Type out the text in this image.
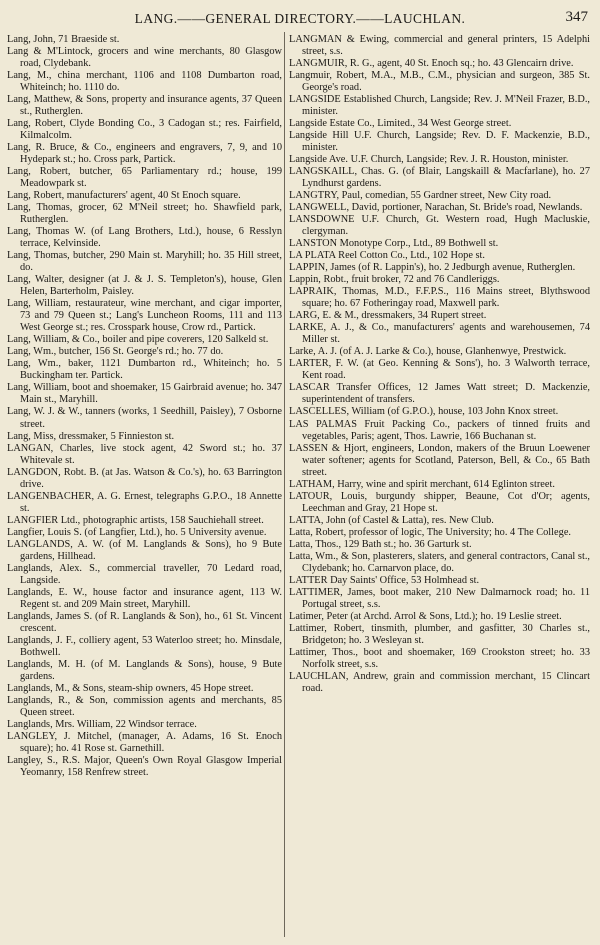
LANG.——GENERAL DIRECTORY.——LAUCHLAN.	347

Lang, John, 71 Braeside st.

Lang & M'Lintock, grocers and wine merchants, 80 Glasgow road, Clydebank.

Lang, M., china merchant, 1106 and 1108 Dumbarton road, Whiteinch; ho. 1110 do.

Lang, Matthew, & Sons, property and insurance agents, 37 Queen st., Rutherglen.

Lang, Robert, Clyde Bonding Co., 3 Cadogan st.; res. Fairfield, Kilmalcolm.

Lang, R. Bruce, & Co., engineers and engravers, 7, 9, and 10 Hydepark st.; ho. Cross park, Partick.

Lang, Robert, butcher, 65 Parliamentary rd.; house, 199 Meadowpark st.

Lang, Robert, manufacturers' agent, 40 St Enoch square.

Lang, Thomas, grocer, 62 M'Neil street; ho. Shawfield park, Rutherglen.

Lang, Thomas W. (of Lang Brothers, Ltd.), house, 6 Resslyn terrace, Kelvinside.

Lang, Thomas, butcher, 290 Main st. Maryhill; ho. 35 Hill street, do.

Lang, Walter, designer (at J. & J. S. Templeton's), house, Glen Helen, Barterholm, Paisley.

Lang, William, restaurateur, wine merchant, and cigar importer, 73 and 79 Queen st.; Lang's Luncheon Rooms, 111 and 113 West George st.; res. Crosspark house, Crow rd., Partick.

Lang, William, & Co., boiler and pipe coverers, 120 Salkeld st.

Lang, Wm., butcher, 156 St. George's rd.; ho. 77 do.

Lang, Wm., baker, 1121 Dumbarton rd., Whiteinch; ho. 5 Buckingham ter. Partick.

Lang, William, boot and shoemaker, 15 Gairbraid avenue; ho. 347 Main st., Maryhill.

Lang, W. J. & W., tanners (works, 1 Seedhill, Paisley), 7 Osborne street.

Lang, Miss, dressmaker, 5 Finnieston st.

LANGAN, Charles, live stock agent, 42 Sword st.; ho. 37 Whitevale st.

LANGDON, Robt. B. (at Jas. Watson & Co.'s), ho. 63 Barrington drive.

LANGENBACHER, A. G. Ernest, telegraphs G.P.O., 18 Annette st.

LANGFIER Ltd., photographic artists, 158 Sauchiehall street.

Langfier, Louis S. (of Langfier, Ltd.), ho. 5 University avenue.

LANGLANDS, A. W. (of M. Langlands & Sons), ho 9 Bute gardens, Hillhead.

Langlands, Alex. S., commercial traveller, 70 Ledard road, Langside.

Langlands, E. W., house factor and insurance agent, 113 W. Regent st. and 209 Main street, Maryhill.

Langlands, James S. (of R. Langlands & Son), ho., 61 St. Vincent crescent.

Langlands, J. F., colliery agent, 53 Waterloo street; ho. Minsdale, Bothwell.

Langlands, M. H. (of M. Langlands & Sons), house, 9 Bute gardens.

Langlands, M., & Sons, steam-ship owners, 45 Hope street.

Langlands, R., & Son, commission agents and merchants, 85 Queen street.

Langlands, Mrs. William, 22 Windsor terrace.

LANGLEY, J. Mitchel, (manager, A. Adams, 16 St. Enoch square); ho. 41 Rose st. Garnethill.

Langley, S., R.S. Major, Queen's Own Royal Glasgow Imperial Yeomanry, 158 Renfrew street.

LANGMAN & Ewing, commercial and general printers, 15 Adelphi street, s.s.

LANGMUIR, R. G., agent, 40 St. Enoch sq.; ho. 43 Glencairn drive.

Langmuir, Robert, M.A., M.B., C.M., physician and surgeon, 385 St. George's road.

LANGSIDE Established Church, Langside; Rev. J. M'Neil Frazer, B.D., minister.

Langside Estate Co., Limited., 34 West George street.

Langside Hill U.F. Church, Langside; Rev. D. F. Mackenzie, B.D., minister.

Langside Ave. U.F. Church, Langside; Rev. J. R. Houston, minister.

LANGSKAILL, Chas. G. (of Blair, Langskaill & Macfarlane), ho. 27 Lyndhurst gardens.

LANGTRY, Paul, comedian, 55 Gardner street, New City road.

LANGWELL, David, portioner, Narachan, St. Bride's road, Newlands.

LANSDOWNE U.F. Church, Gt. Western road, Hugh Macluskie, clergyman.

LANSTON Monotype Corp., Ltd., 89 Bothwell st.

LA PLATA Reel Cotton Co., Ltd., 102 Hope st.

LAPPIN, James (of R. Lappin's), ho. 2 Jedburgh avenue, Rutherglen.

Lappin, Robt., fruit broker, 72 and 76 Candleriggs.

LAPRAIK, Thomas, M.D., F.F.P.S., 116 Mains street, Blythswood square; ho. 67 Fotheringay road, Maxwell park.

LARG, E. & M., dressmakers, 34 Rupert street.

LARKE, A. J., & Co., manufacturers' agents and warehousemen, 74 Miller st.

Larke, A. J. (of A. J. Larke & Co.), house, Glanhenwye, Prestwick.

LARTER, F. W. (at Geo. Kenning & Sons'), ho. 3 Walworth terrace, Kent road.

LASCAR Transfer Offices, 12 James Watt street; D. Mackenzie, superintendent of transfers.

LASCELLES, William (of G.P.O.), house, 103 John Knox street.

LAS PALMAS Fruit Packing Co., packers of tinned fruits and vegetables, Paris; agent, Thos. Lawrie, 166 Buchanan st.

LASSEN & Hjort, engineers, London, makers of the Bruun Loewener water softener; agents for Scotland, Paterson, Bell, & Co., 65 Bath street.

LATHAM, Harry, wine and spirit merchant, 614 Eglinton street.

LATOUR, Louis, burgundy shipper, Beaune, Cot d'Or; agents, Leechman and Gray, 21 Hope st.

LATTA, John (of Castel & Latta), res. New Club.

Latta, Robert, professor of logic, The University; ho. 4 The College.

Latta, Thos., 129 Bath st.; ho. 36 Garturk st.

Latta, Wm., & Son, plasterers, slaters, and general contractors, Canal st., Clydebank; ho. Carnarvon place, do.

LATTER Day Saints' Office, 53 Holmhead st.

LATTIMER, James, boot maker, 210 New Dalmarnock road; ho. 11 Portugal street, s.s.

Latimer, Peter (at Archd. Arrol & Sons, Ltd.); ho. 19 Leslie street.

Lattimer, Robert, tinsmith, plumber, and gasfitter, 30 Charles st., Bridgeton; ho. 3 Wesleyan st.

Lattimer, Thos., boot and shoemaker, 169 Crookston street; ho. 33 Norfolk street, s.s.

LAUCHLAN, Andrew, grain and commission merchant, 15 Clincart road.
